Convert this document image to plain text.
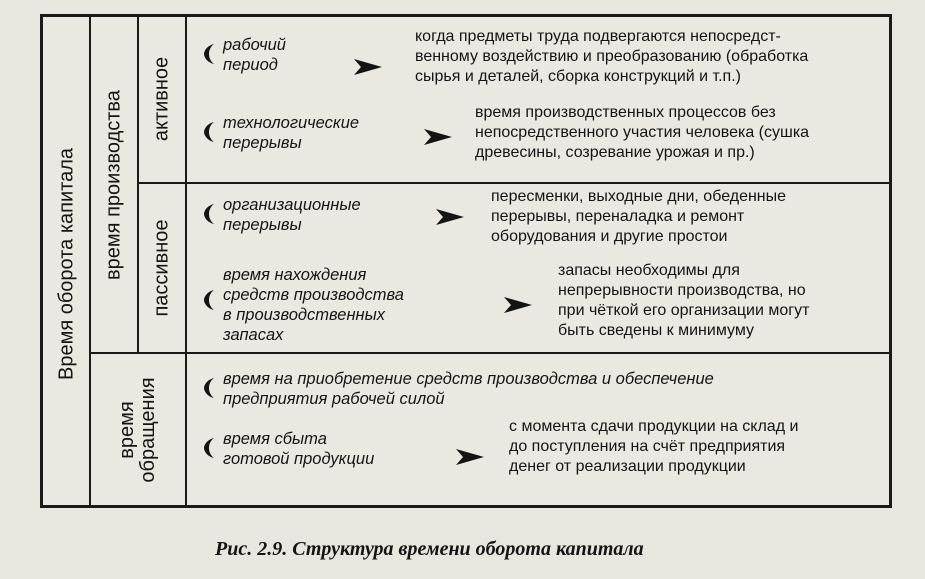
Время оборота капитала время производства активное
пассивное
время обращения
рабочий
период
когда предметы труда подвергаются непосредст-
венному воздействию и преобразованию (обработка
сырья и деталей, сборка конструкций и т.п.)
технологические
перерывы
время производственных процессов без
непосредственного участия человека (сушка
древесины, созревание урожая и пр.)
организационные
перерывы
пересменки, выходные дни, обеденные
перерывы, переналадка и ремонт
оборудования и другие простои
время нахождения
средств производства
в производственных
запасах
запасы необходимы для
непрерывности производства, но
при чёткой его организации могут
быть сведены к минимуму
время на приобретение средств производства и обеспечение
предприятия рабочей силой
время сбыта
готовой продукции
с момента сдачи продукции на склад и
до поступления на счёт предприятия
денег от реализации продукции
Рис. 2.9. Структура времени оборота капитала
